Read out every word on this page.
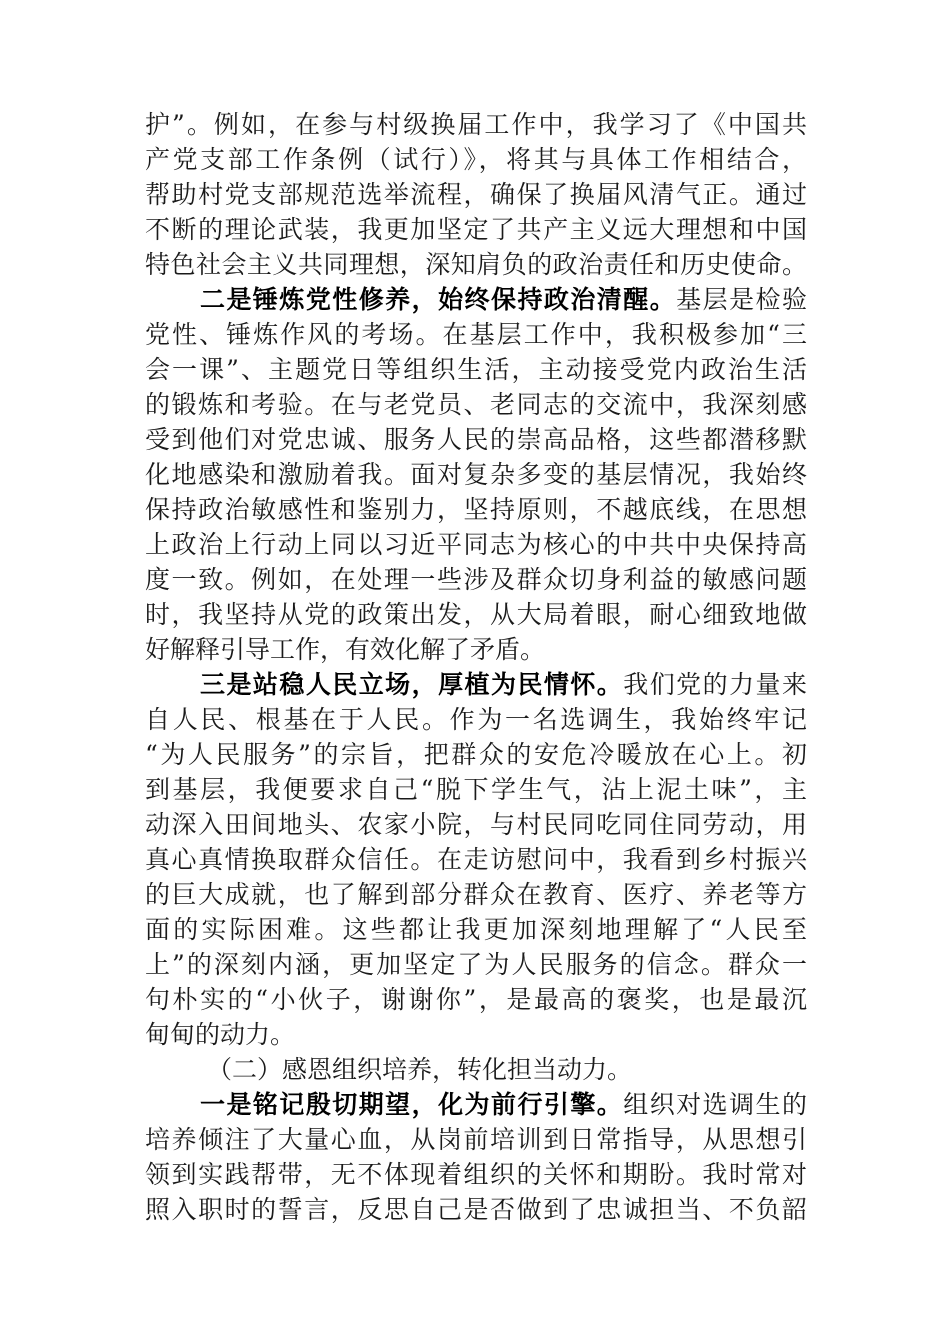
护”。例如，在参与村级换届工作中，我学习了《中国共
产党支部工作条例（试行）》，将其与具体工作相结合，
帮助村党支部规范选举流程，确保了换届风清气正。通过
不断的理论武装，我更加坚定了共产主义远大理想和中国
特色社会主义共同理想，深知肩负的政治责任和历史使命。
二是锤炼党性修养，始终保持政治清醒。基层是检验
党性、锤炼作风的考场。在基层工作中，我积极参加“三
会一课”、主题党日等组织生活，主动接受党内政治生活
的锻炼和考验。在与老党员、老同志的交流中，我深刻感
受到他们对党忠诚、服务人民的崇高品格，这些都潜移默
化地感染和激励着我。面对复杂多变的基层情况，我始终
保持政治敏感性和鉴别力，坚持原则，不越底线，在思想
上政治上行动上同以习近平同志为核心的中共中央保持高
度一致。例如，在处理一些涉及群众切身利益的敏感问题
时，我坚持从党的政策出发，从大局着眼，耐心细致地做
好解释引导工作，有效化解了矛盾。
三是站稳人民立场，厚植为民情怀。我们党的力量来
自人民、根基在于人民。作为一名选调生，我始终牢记
“为人民服务”的宗旨，把群众的安危冷暖放在心上。初
到基层，我便要求自己“脱下学生气，沾上泥土味”，主
动深入田间地头、农家小院，与村民同吃同住同劳动，用
真心真情换取群众信任。在走访慰问中，我看到乡村振兴
的巨大成就，也了解到部分群众在教育、医疗、养老等方
面的实际困难。这些都让我更加深刻地理解了“人民至
上”的深刻内涵，更加坚定了为人民服务的信念。群众一
句朴实的“小伙子，谢谢你”，是最高的褒奖，也是最沉
甸甸的动力。
（二）感恩组织培养，转化担当动力。
一是铭记殷切期望，化为前行引擎。组织对选调生的
培养倾注了大量心血，从岗前培训到日常指导，从思想引
领到实践帮带，无不体现着组织的关怀和期盼。我时常对
照入职时的誓言，反思自己是否做到了忠诚担当、不负韶
